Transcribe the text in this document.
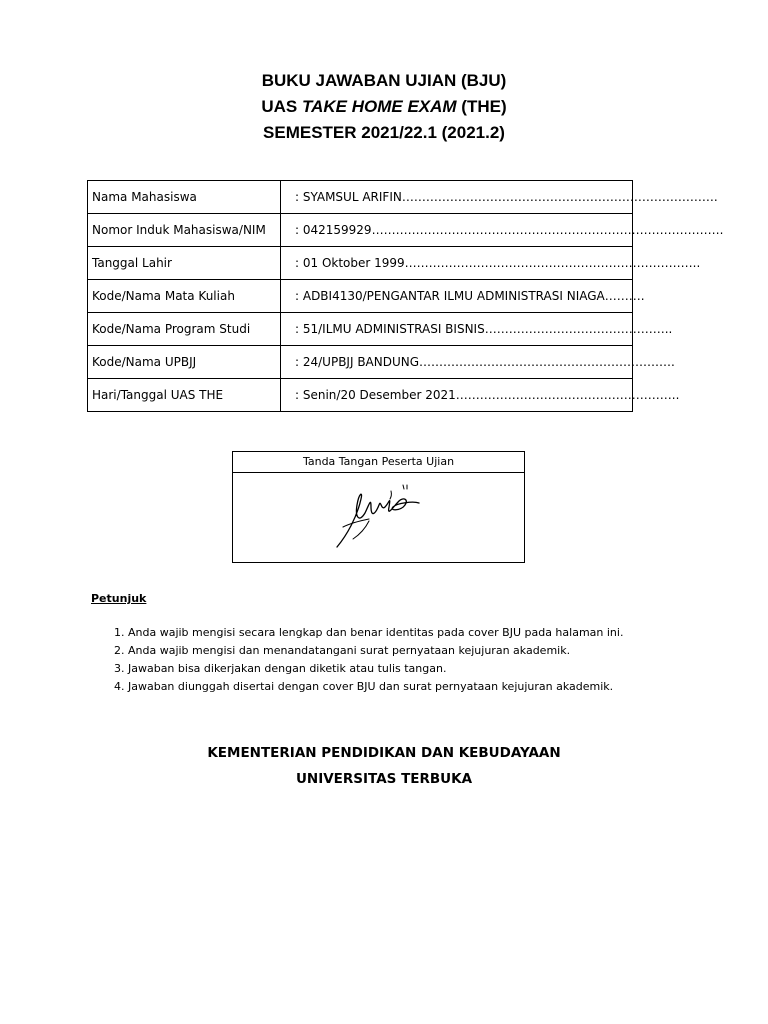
BUKU JAWABAN UJIAN (BJU)
UAS TAKE HOME EXAM (THE)
SEMESTER 2021/22.1 (2021.2)
Nama Mahasiswa	: SYAMSUL ARIFIN…………………………………………………………………….
Nomor Induk Mahasiswa/NIM	: 042159929…………………………………………………………………………….
Tanggal Lahir	: 01 Oktober 1999………………………………………………………………..
Kode/Nama Mata Kuliah	: ADBI4130/PENGANTAR ILMU ADMINISTRASI NIAGA……….
Kode/Nama Program Studi	: 51/ILMU ADMINISTRASI BISNIS………………………………………..
Kode/Nama UPBJJ	: 24/UPBJJ BANDUNG……………………………………………………….
Hari/Tanggal UAS THE	: Senin/20 Desember 2021………………………………………………..
Tanda Tangan Peserta Ujian
Petunjuk
1. Anda wajib mengisi secara lengkap dan benar identitas pada cover BJU pada halaman ini.
2. Anda wajib mengisi dan menandatangani surat pernyataan kejujuran akademik.
3. Jawaban bisa dikerjakan dengan diketik atau tulis tangan.
4. Jawaban diunggah disertai dengan cover BJU dan surat pernyataan kejujuran akademik.
KEMENTERIAN PENDIDIKAN DAN KEBUDAYAAN
UNIVERSITAS TERBUKA
